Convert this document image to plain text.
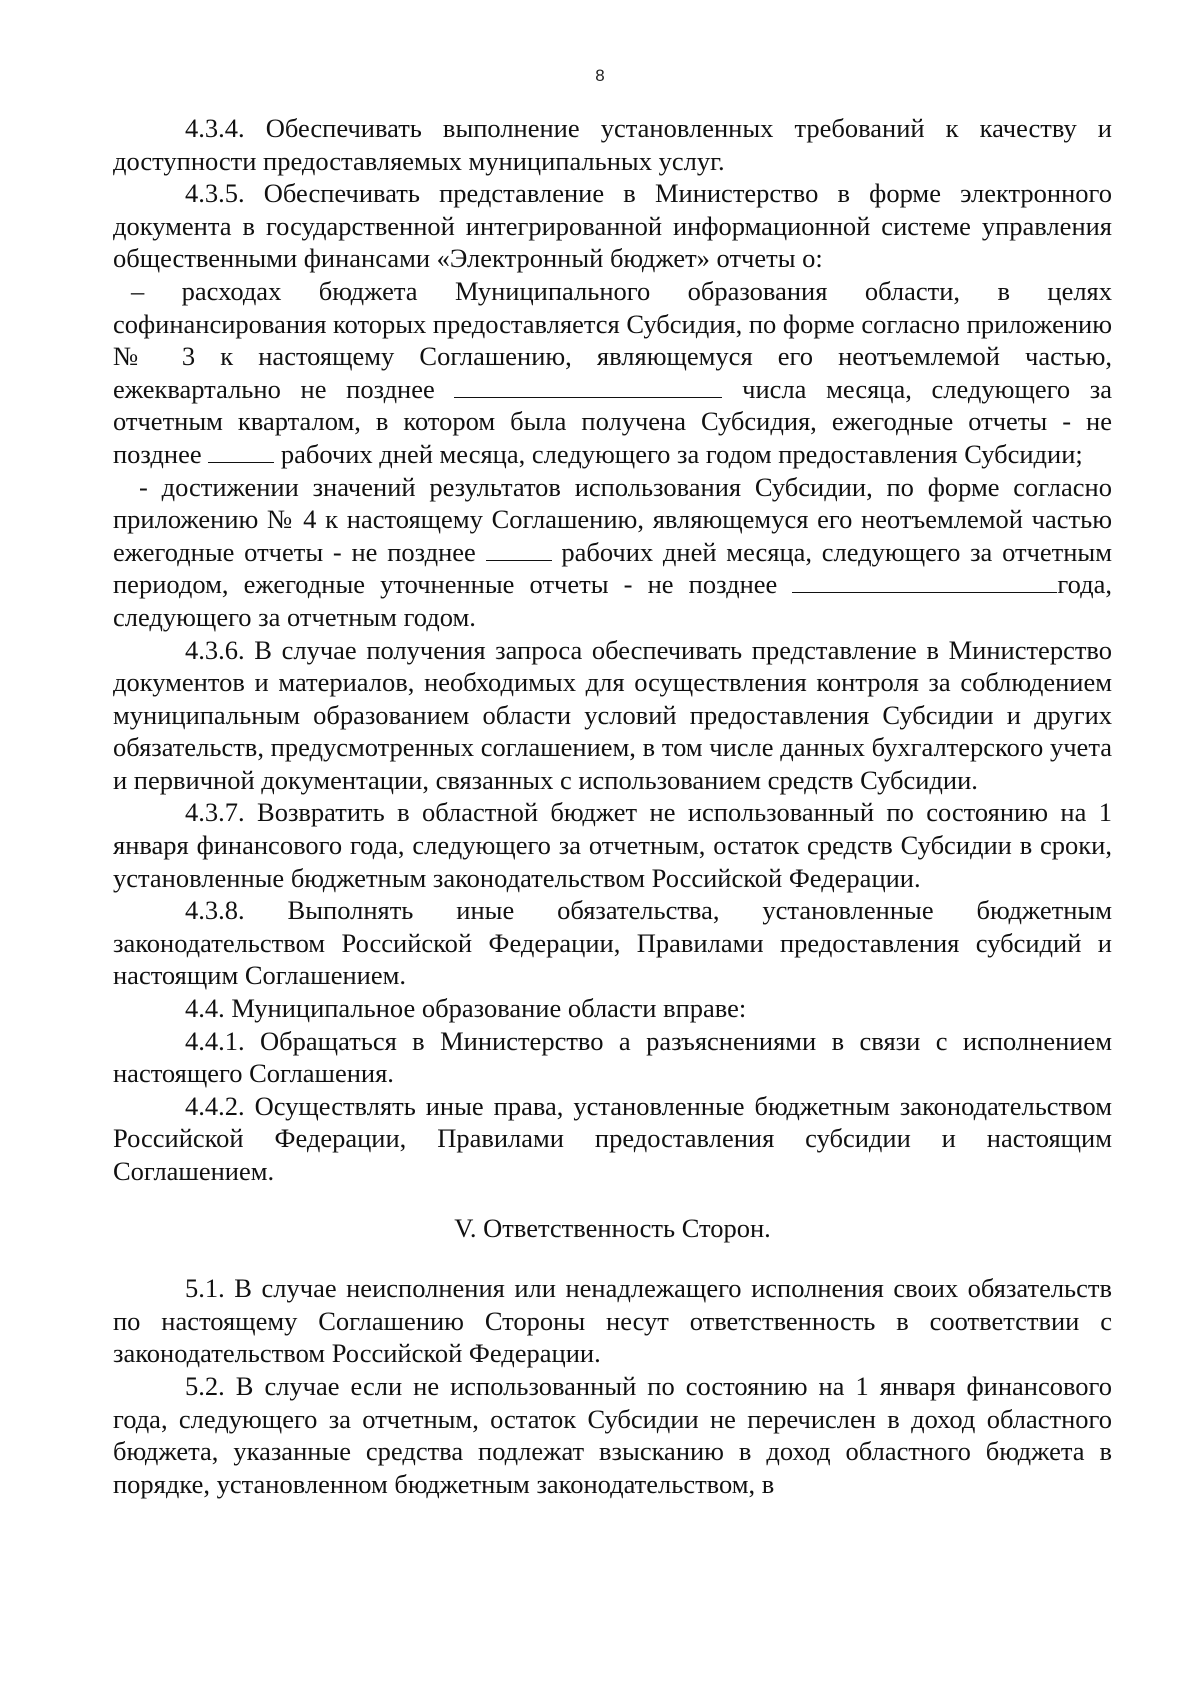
8

4.3.4. Обеспечивать выполнение установленных требований к качеству и доступности предоставляемых муниципальных услуг.

4.3.5. Обеспечивать представление в Министерство в форме электронного документа в государственной интегрированной информационной системе управления общественными финансами «Электронный бюджет» отчеты о:

– расходах бюджета Муниципального образования области, в целях софинансирования которых предоставляется Субсидия, по форме согласно приложению № 3 к настоящему Соглашению, являющемуся его неотъемлемой частью, ежеквартально не позднее	числа месяца, следующего за отчетным кварталом, в котором была получена Субсидия, ежегодные отчеты - не позднее	рабочих дней месяца, следующего за годом предоставления Субсидии;

- достижении значений результатов использования Субсидии, по форме согласно приложению № 4 к настоящему Соглашению, являющемуся его неотъемлемой частью ежегодные отчеты - не позднее	рабочих дней месяца, следующего за отчетным периодом, ежегодные уточненные отчеты - не позднее	года, следующего за отчетным годом.

4.3.6. В случае получения запроса обеспечивать представление в Министерство документов и материалов, необходимых для осуществления контроля за соблюдением муниципальным образованием области условий предоставления Субсидии и других обязательств, предусмотренных соглашением, в том числе данных бухгалтерского учета и первичной документации, связанных с использованием средств Субсидии.

4.3.7. Возвратить в областной бюджет не использованный по состоянию на 1 января финансового года, следующего за отчетным, остаток средств Субсидии в сроки, установленные бюджетным законодательством Российской Федерации.

4.3.8. Выполнять иные обязательства, установленные бюджетным законодательством Российской Федерации, Правилами предоставления субсидий и настоящим Соглашением.

4.4. Муниципальное образование области вправе:

4.4.1. Обращаться в Министерство а разъяснениями в связи с исполнением настоящего Соглашения.

4.4.2. Осуществлять иные права, установленные бюджетным законодательством Российской Федерации, Правилами предоставления субсидии и настоящим Соглашением.

V. Ответственность Сторон.

5.1. В случае неисполнения или ненадлежащего исполнения своих обязательств по настоящему Соглашению Стороны несут ответственность в соответствии с законодательством Российской Федерации.

5.2. В случае если не использованный по состоянию на 1 января финансового года, следующего за отчетным, остаток Субсидии не перечислен в доход областного бюджета, указанные средства подлежат взысканию в доход областного бюджета в порядке, установленном бюджетным законодательством, в
